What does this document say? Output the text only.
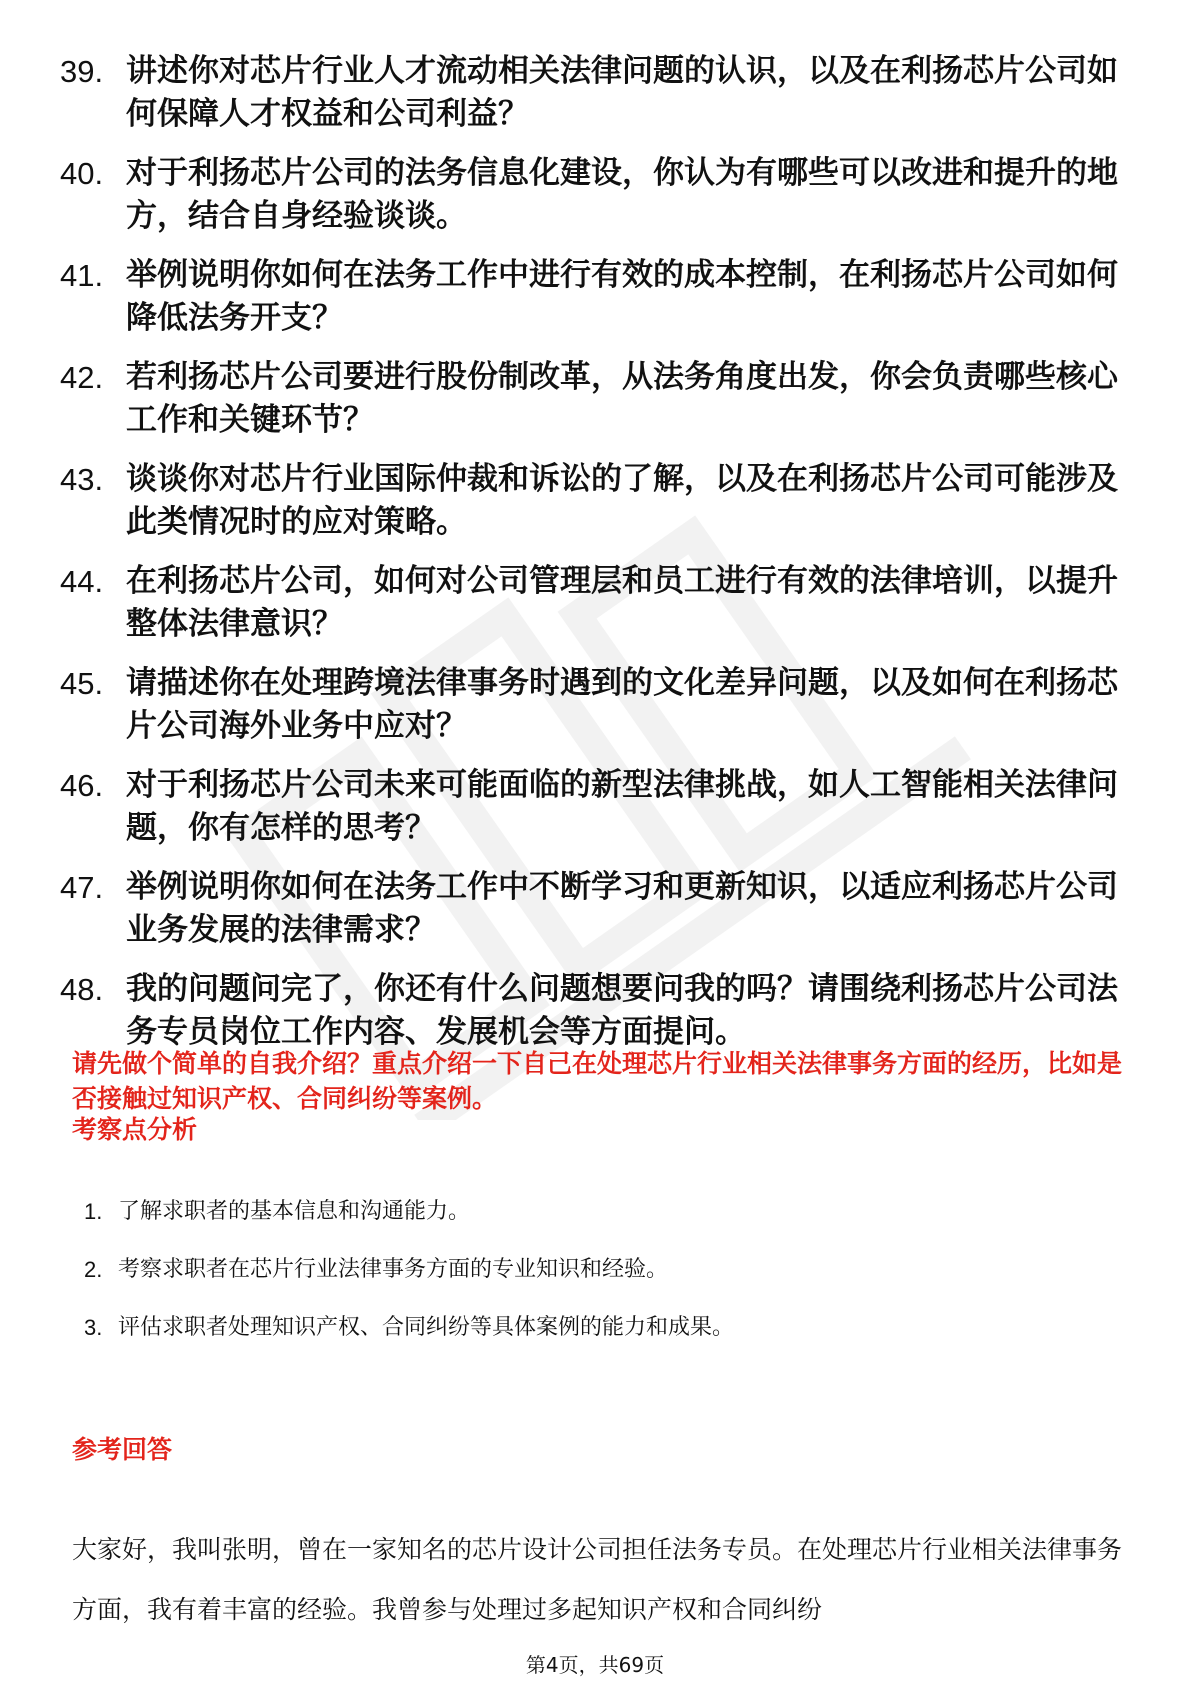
39. 讲述你对芯片行业人才流动相关法律问题的认识，以及在利扬芯片公司如何保障人才权益和公司利益？
40. 对于利扬芯片公司的法务信息化建设，你认为有哪些可以改进和提升的地方，结合自身经验谈谈。
41. 举例说明你如何在法务工作中进行有效的成本控制，在利扬芯片公司如何降低法务开支？
42. 若利扬芯片公司要进行股份制改革，从法务角度出发，你会负责哪些核心工作和关键环节？
43. 谈谈你对芯片行业国际仲裁和诉讼的了解，以及在利扬芯片公司可能涉及此类情况时的应对策略。
44. 在利扬芯片公司，如何对公司管理层和员工进行有效的法律培训，以提升整体法律意识？
45. 请描述你在处理跨境法律事务时遇到的文化差异问题，以及如何在利扬芯片公司海外业务中应对？
46. 对于利扬芯片公司未来可能面临的新型法律挑战，如人工智能相关法律问题，你有怎样的思考？
47. 举例说明你如何在法务工作中不断学习和更新知识，以适应利扬芯片公司业务发展的法律需求？
48. 我的问题问完了，你还有什么问题想要问我的吗？请围绕利扬芯片公司法务专员岗位工作内容、发展机会等方面提问。
请先做个简单的自我介绍？重点介绍一下自己在处理芯片行业相关法律事务方面的经历，比如是否接触过知识产权、合同纠纷等案例。
考察点分析
1. 了解求职者的基本信息和沟通能力。
2. 考察求职者在芯片行业法律事务方面的专业知识和经验。
3. 评估求职者处理知识产权、合同纠纷等具体案例的能力和成果。
参考回答
大家好，我叫张明，曾在一家知名的芯片设计公司担任法务专员。在处理芯片行业相关法律事务方面，我有着丰富的经验。我曾参与处理过多起知识产权和合同纠纷
第4页，共69页
